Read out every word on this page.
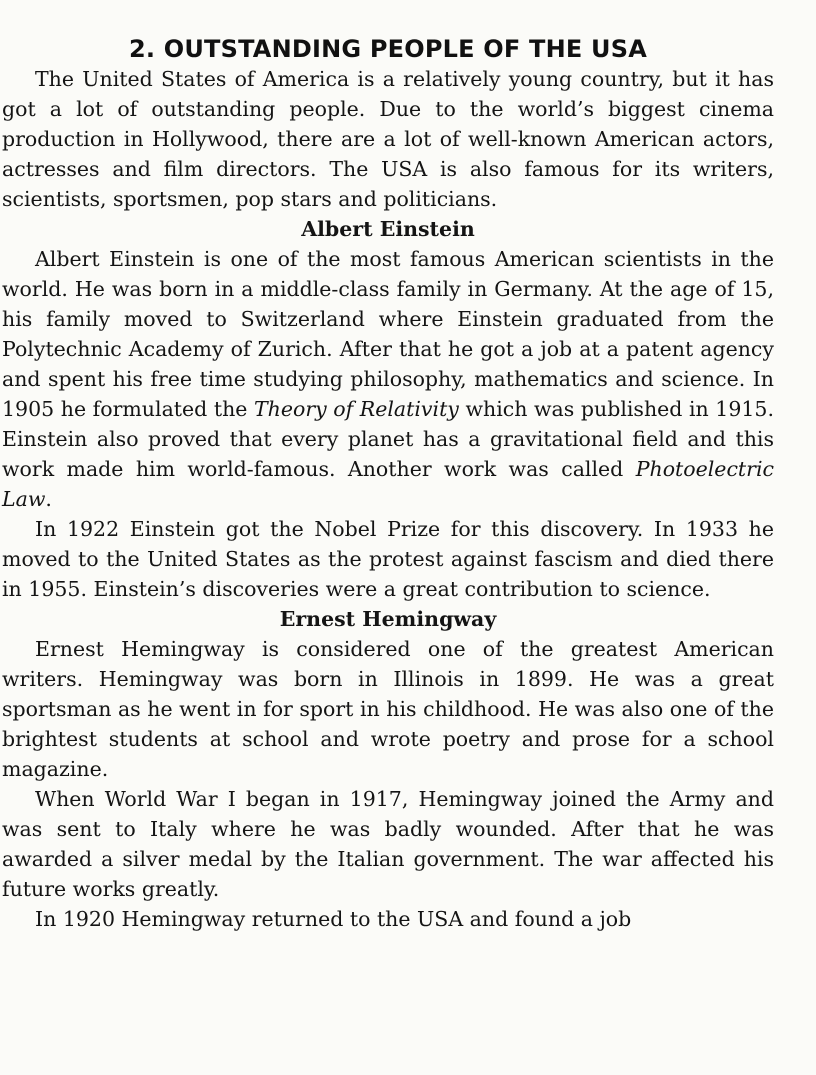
2. OUTSTANDING PEOPLE OF THE USA

The United States of America is a relatively young country, but it has got a lot of outstanding people. Due to the world’s biggest cinema production in Hollywood, there are a lot of well-known American actors, actresses and film directors. The USA is also famous for its writers, scientists, sportsmen, pop stars and politicians.

Albert Einstein

Albert Einstein is one of the most famous American scientists in the world. He was born in a middle-class family in Germany. At the age of 15, his family moved to Switzerland where Einstein graduated from the Polytechnic Academy of Zurich. After that he got a job at a patent agency and spent his free time studying philosophy, mathematics and science. In 1905 he formulated the Theory of Relativity which was published in 1915. Einstein also proved that every planet has a gravitational field and this work made him world-famous. Another work was called Photoelectric Law.

In 1922 Einstein got the Nobel Prize for this discovery. In 1933 he moved to the United States as the protest against fascism and died there in 1955. Einstein’s discoveries were a great contribution to science.

Ernest Hemingway

Ernest Hemingway is considered one of the greatest American writers. Hemingway was born in Illinois in 1899. He was a great sportsman as he went in for sport in his childhood. He was also one of the brightest students at school and wrote poetry and prose for a school magazine.

When World War I began in 1917, Hemingway joined the Army and was sent to Italy where he was badly wounded. After that he was awarded a silver medal by the Italian government. The war affected his future works greatly.

In 1920 Hemingway returned to the USA and found a job
